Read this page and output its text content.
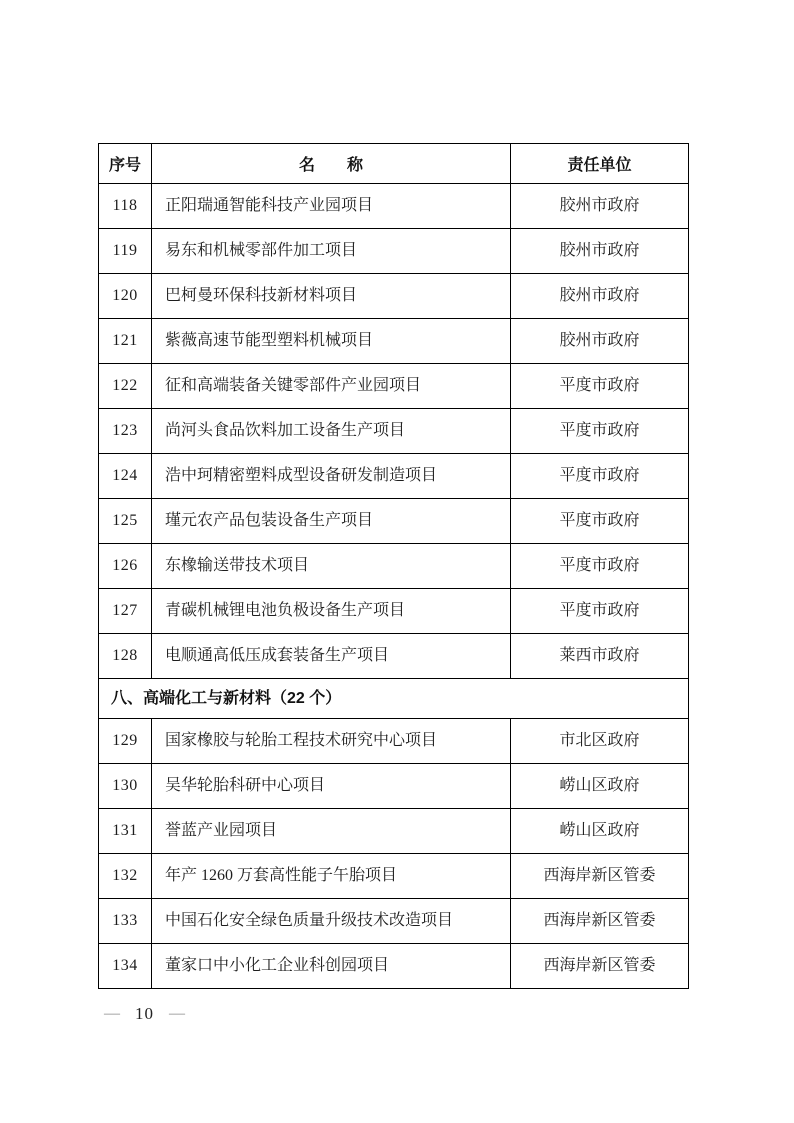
序号	名　　称	责任单位
118	正阳瑞通智能科技产业园项目	胶州市政府
119	易东和机械零部件加工项目	胶州市政府
120	巴柯曼环保科技新材料项目	胶州市政府
121	紫薇高速节能型塑料机械项目	胶州市政府
122	征和高端装备关键零部件产业园项目	平度市政府
123	尚河头食品饮料加工设备生产项目	平度市政府
124	浩中珂精密塑料成型设备研发制造项目	平度市政府
125	瑾元农产品包装设备生产项目	平度市政府
126	东橡输送带技术项目	平度市政府
127	青碳机械锂电池负极设备生产项目	平度市政府
128	电顺通高低压成套装备生产项目	莱西市政府
八、高端化工与新材料（22 个）		
129	国家橡胶与轮胎工程技术研究中心项目	市北区政府
130	吴华轮胎科研中心项目	崂山区政府
131	誉蓝产业园项目	崂山区政府
132	年产 1260 万套高性能子午胎项目	西海岸新区管委
133	中国石化安全绿色质量升级技术改造项目	西海岸新区管委
134	董家口中小化工企业科创园项目	西海岸新区管委
— 10 —
